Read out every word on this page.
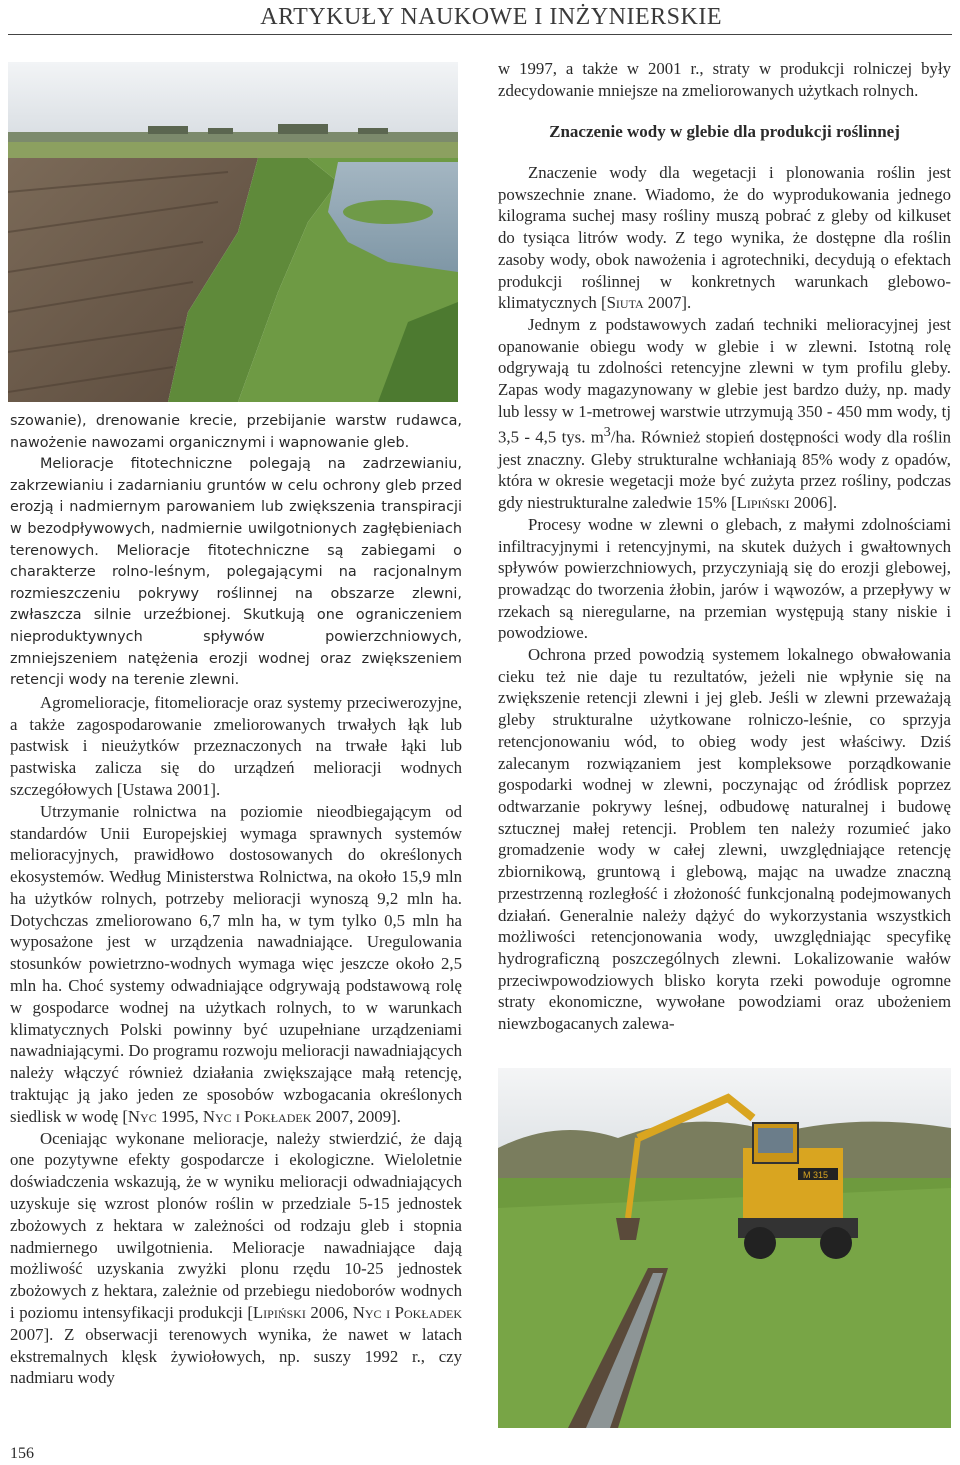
ARTYKUŁY NAUKOWE I INŻYNIERSKIE

szowanie), drenowanie krecie, przebijanie warstw rudawca, nawożenie nawozami organicznymi i wapnowanie gleb.

Melioracje fitotechniczne polegają na zadrzewianiu, zakrzewianiu i zadarnianiu gruntów w celu ochrony gleb przed erozją i nadmiernym parowaniem lub zwiększenia transpiracji w bezodpływowych, nadmiernie uwilgotnionych zagłębieniach terenowych. Melioracje fitotechniczne są zabiegami o charakterze rolno-leśnym, polegającymi na racjonalnym rozmieszczeniu pokrywy roślinnej na obszarze zlewni, zwłaszcza silnie urzeźbionej. Skutkują one ograniczeniem nieproduktywnych spływów powierzchniowych, zmniejszeniem natężenia erozji wodnej oraz zwiększeniem retencji wody na terenie zlewni.

Agromelioracje, fitomelioracje oraz systemy przeciwerozyjne, a także zagospodarowanie zmeliorowanych trwałych łąk lub pastwisk i nieużytków przeznaczonych na trwałe łąki lub pastwiska zalicza się do urządzeń melioracji wodnych szczegółowych [Ustawa 2001].

Utrzymanie rolnictwa na poziomie nieodbiegającym od standardów Unii Europejskiej wymaga sprawnych systemów melioracyjnych, prawidłowo dostosowanych do określonych ekosystemów. Według Ministerstwa Rolnictwa, na około 15,9 mln ha użytków rolnych, potrzeby melioracji wynoszą 9,2 mln ha. Dotychczas zmeliorowano 6,7 mln ha, w tym tylko 0,5 mln ha wyposażone jest w urządzenia nawadniające. Uregulowania stosunków powietrzno-wodnych wymaga więc jeszcze około 2,5 mln ha. Choć systemy odwadniające odgrywają podstawową rolę w gospodarce wodnej na użytkach rolnych, to w warunkach klimatycznych Polski powinny być uzupełniane urządzeniami nawadniającymi. Do programu rozwoju melioracji nawadniających należy włączyć również działania zwiększające małą retencję, traktując ją jako jeden ze sposobów wzbogacania określonych siedlisk w wodę [Nyc 1995, Nyc i Pokładek 2007, 2009].

Oceniając wykonane melioracje, należy stwierdzić, że dają one pozytywne efekty gospodarcze i ekologiczne. Wieloletnie doświadczenia wskazują, że w wyniku melioracji odwadniających uzyskuje się wzrost plonów roślin w przedziale 5-15 jednostek zbożowych z hektara w zależności od rodzaju gleb i stopnia nadmiernego uwilgotnienia. Melioracje nawadniające dają możliwość uzyskania zwyżki plonu rzędu 10-25 jednostek zbożowych z hektara, zależnie od przebiegu niedoborów wodnych i poziomu intensyfikacji produkcji [Lipiński 2006, Nyc i Pokładek 2007]. Z obserwacji terenowych wynika, że nawet w latach ekstremalnych klęsk żywiołowych, np. suszy 1992 r., czy nadmiaru wody

w 1997, a także w 2001 r., straty w produkcji rolniczej były zdecydowanie mniejsze na zmeliorowanych użytkach rolnych.

Znaczenie wody w glebie dla produkcji roślinnej

Znaczenie wody dla wegetacji i plonowania roślin jest powszechnie znane. Wiadomo, że do wyprodukowania jednego kilograma suchej masy rośliny muszą pobrać z gleby od kilkuset do tysiąca litrów wody. Z tego wynika, że dostępne dla roślin zasoby wody, obok nawożenia i agrotechniki, decydują o efektach produkcji roślinnej w konkretnych warunkach glebowo-klimatycznych [Siuta 2007].

Jednym z podstawowych zadań techniki melioracyjnej jest opanowanie obiegu wody w glebie i w zlewni. Istotną rolę odgrywają tu zdolności retencyjne zlewni w tym profilu gleby. Zapas wody magazynowany w glebie jest bardzo duży, np. mady lub lessy w 1-metrowej warstwie utrzymują 350 - 450 mm wody, tj 3,5 - 4,5 tys. $m^3/ha$. Również stopień dostępności wody dla roślin jest znaczny. Gleby strukturalne wchłaniają 85% wody z opadów, która w okresie wegetacji może być zużyta przez rośliny, podczas gdy niestrukturalne zaledwie 15% [Lipiński 2006].

Procesy wodne w zlewni o glebach, z małymi zdolnościami infiltracyjnymi i retencyjnymi, na skutek dużych i gwałtownych spływów powierzchniowych, przyczyniają się do erozji glebowej, prowadząc do tworzenia żłobin, jarów i wąwozów, a przepływy w rzekach są nieregularne, na przemian występują stany niskie i powodziowe.

Ochrona przed powodzią systemem lokalnego obwałowania cieku też nie daje tu rezultatów, jeżeli nie wpłynie się na zwiększenie retencji zlewni i jej gleb. Jeśli w zlewni przeważają gleby strukturalne użytkowane rolniczo-leśnie, co sprzyja retencjonowaniu wód, to obieg wody jest właściwy. Dziś zalecanym rozwiązaniem jest kompleksowe porządkowanie gospodarki wodnej w zlewni, poczynając od źródlisk poprzez odtwarzanie pokrywy leśnej, odbudowę naturalnej i budowę sztucznej małej retencji. Problem ten należy rozumieć jako gromadzenie wody w całej zlewni, uwzględniające retencję zbiornikową, gruntową i glebową, mając na uwadze znaczną przestrzenną rozległość i złożoność funkcjonalną podejmowanych działań. Generalnie należy dążyć do wykorzystania wszystkich możliwości retencjonowania wody, uwzględniając specyfikę hydrograficzną poszczególnych zlewni. Lokalizowanie wałów przeciwpowodziowych blisko koryta rzeki powoduje ogromne straty ekonomiczne, wywołane powodziami oraz ubożeniem niewzbogacanych zalewa-

M 315
156
